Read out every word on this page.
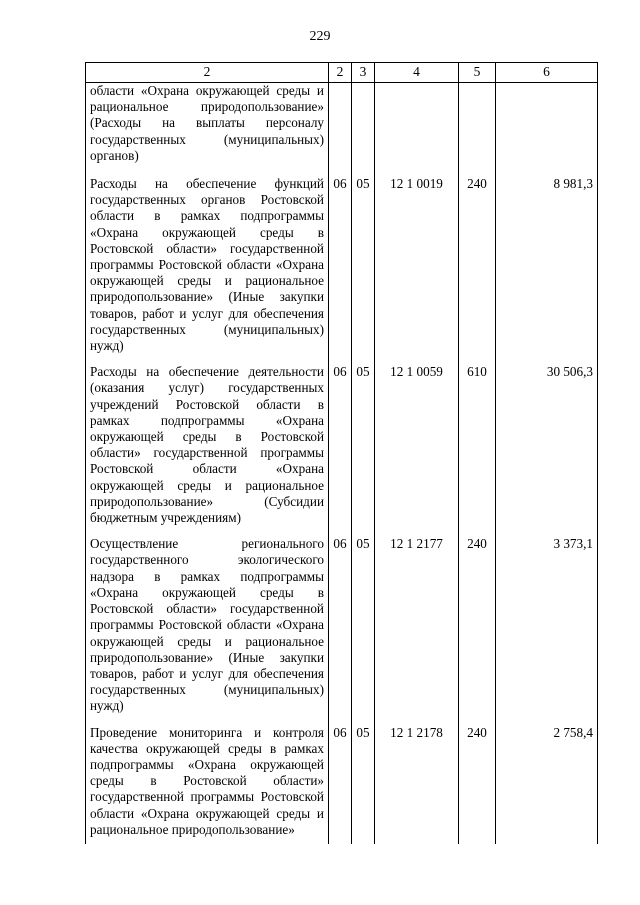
229
2	2	3	4	5	6
области «Охрана окружающей среды и рациональное природопользование» (Расходы на выплаты персоналу государственных (муниципальных) органов)					
Расходы на обеспечение функций государственных органов Ростовской области в рамках подпрограммы «Охрана окружающей среды в Ростовской области» государственной программы Ростовской области «Охрана окружающей среды и рациональное природопользование» (Иные закупки товаров, работ и услуг для обеспечения государственных (муниципальных) нужд)	06	05	12 1 0019	240	8 981,3
Расходы на обеспечение деятельности (оказания услуг) государственных учреждений Ростовской области в рамках подпрограммы «Охрана окружающей среды в Ростовской области» государственной программы Ростовской области «Охрана окружающей среды и рациональное природопользование» (Субсидии бюджетным учреждениям)	06	05	12 1 0059	610	30 506,3
Осуществление регионального государственного экологического надзора в рамках подпрограммы «Охрана окружающей среды в Ростовской области» государственной программы Ростовской области «Охрана окружающей среды и рациональное природопользование» (Иные закупки товаров, работ и услуг для обеспечения государственных (муниципальных) нужд)	06	05	12 1 2177	240	3 373,1
Проведение мониторинга и контроля качества окружающей среды в рамках подпрограммы «Охрана окружающей среды в Ростовской области» государственной программы Ростовской области «Охрана окружающей среды и рациональное природопользование»	06	05	12 1 2178	240	2 758,4
